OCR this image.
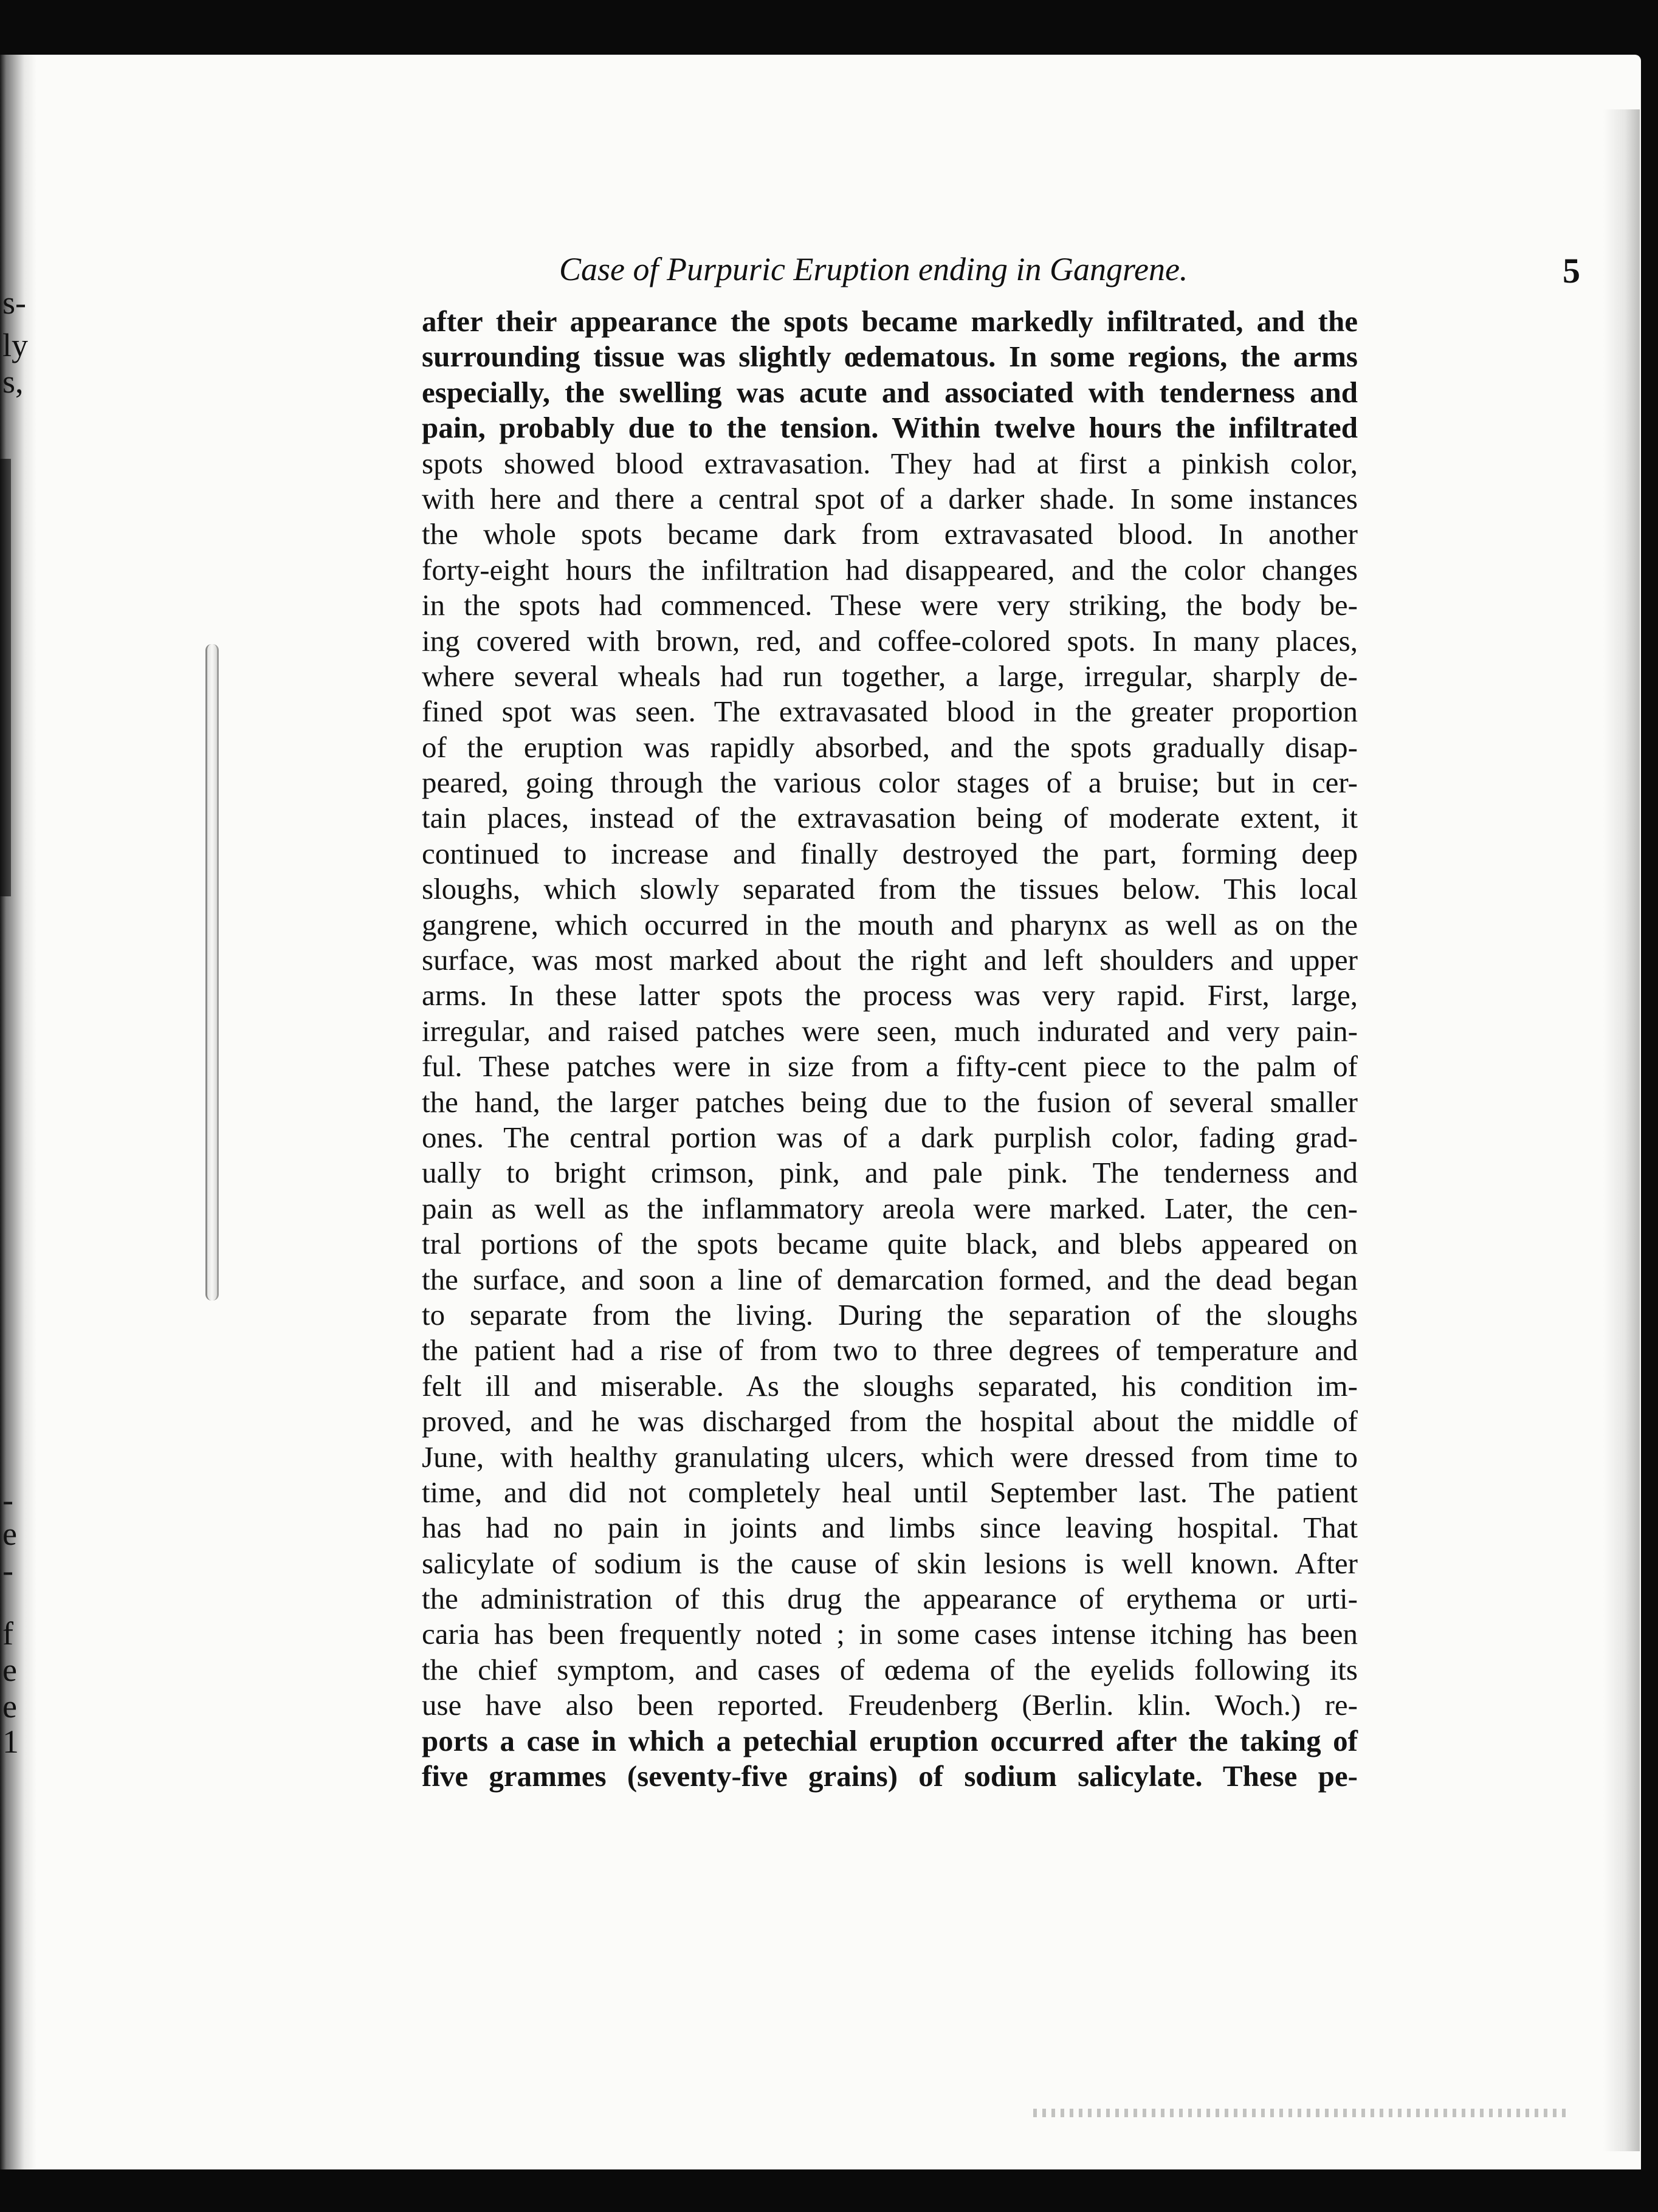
s-
ly
s,
-
e
-
f
e
e
1
Case of Purpuric Eruption ending in Gangrene.	5
after their appearance the spots became markedly infiltrated, and the
surrounding tissue was slightly œdematous. In some regions, the arms
especially, the swelling was acute and associated with tenderness and
pain, probably due to the tension. Within twelve hours the infiltrated
spots showed blood extravasation. They had at first a pinkish color,
with here and there a central spot of a darker shade. In some instances
the whole spots became dark from extravasated blood. In another
forty-eight hours the infiltration had disappeared, and the color changes
in the spots had commenced. These were very striking, the body be-
ing covered with brown, red, and coffee-colored spots. In many places,
where several wheals had run together, a large, irregular, sharply de-
fined spot was seen. The extravasated blood in the greater proportion
of the eruption was rapidly absorbed, and the spots gradually disap-
peared, going through the various color stages of a bruise; but in cer-
tain places, instead of the extravasation being of moderate extent, it
continued to increase and finally destroyed the part, forming deep
sloughs, which slowly separated from the tissues below. This local
gangrene, which occurred in the mouth and pharynx as well as on the
surface, was most marked about the right and left shoulders and upper
arms. In these latter spots the process was very rapid. First, large,
irregular, and raised patches were seen, much indurated and very pain-
ful. These patches were in size from a fifty-cent piece to the palm of
the hand, the larger patches being due to the fusion of several smaller
ones. The central portion was of a dark purplish color, fading grad-
ually to bright crimson, pink, and pale pink. The tenderness and
pain as well as the inflammatory areola were marked. Later, the cen-
tral portions of the spots became quite black, and blebs appeared on
the surface, and soon a line of demarcation formed, and the dead began
to separate from the living. During the separation of the sloughs
the patient had a rise of from two to three degrees of temperature and
felt ill and miserable. As the sloughs separated, his condition im-
proved, and he was discharged from the hospital about the middle of
June, with healthy granulating ulcers, which were dressed from time to
time, and did not completely heal until September last. The patient
has had no pain in joints and limbs since leaving hospital. That
salicylate of sodium is the cause of skin lesions is well known. After
the administration of this drug the appearance of erythema or urti-
caria has been frequently noted ; in some cases intense itching has been
the chief symptom, and cases of œdema of the eyelids following its
use have also been reported. Freudenberg (Berlin. klin. Woch.) re-
ports a case in which a petechial eruption occurred after the taking of
five grammes (seventy-five grains) of sodium salicylate. These pe-
